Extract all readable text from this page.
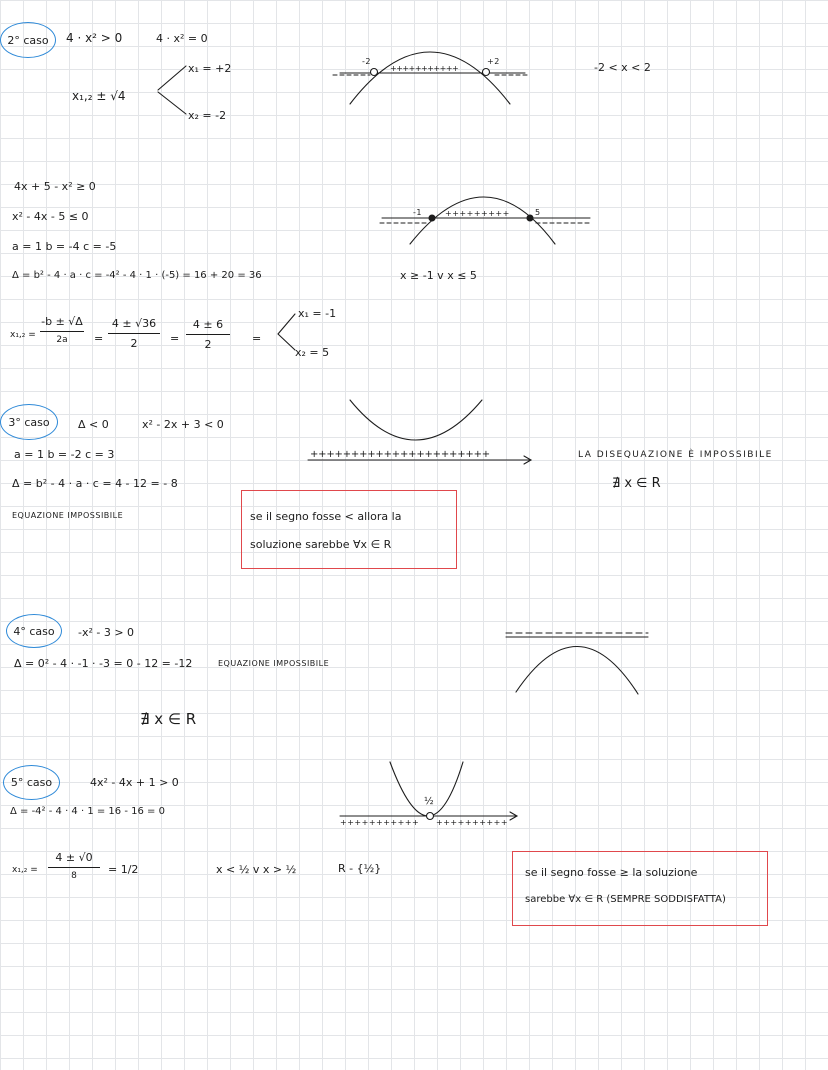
2° caso 4 · x² > 0	4 · x² = 0
x₁,₂ ± √4
x₁ = +2
x₂ = -2
-2	+2
+++++++++++	-2 < x < 2
4x + 5 - x² ≥ 0
x² - 4x - 5 ≤ 0
a = 1 b = -4 c = -5
Δ = b² - 4 · a · c = -4² - 4 · 1 · (-5) = 16 + 20 = 36
x₁,₂ =
-b ± √Δ
2a	=
4 ± √36
2	=
4 ± 6
2	=
x₁ = -1
x₂ = 5
-1	5
+++++++++
x ≥ -1 v x ≤ 5
3° caso	Δ < 0	x² - 2x + 3 < 0
a = 1 b = -2 c = 3
Δ = b² - 4 · a · c = 4 - 12 = - 8
EQUAZIONE IMPOSSIBILE
++++++++++++++++++++++	LA DISEQUAZIONE È IMPOSSIBILE
∄ x ∈ R
se il segno fosse < allora la
soluzione sarebbe ∀x ∈ R
4° caso -x² - 3 > 0
Δ = 0² - 4 · -1 · -3 = 0 - 12 = -12	EQUAZIONE IMPOSSIBILE
∄ x ∈ R
5° caso	4x² - 4x + 1 > 0
Δ = -4² - 4 · 4 · 1 = 16 - 16 = 0
x₁,₂ =
4 ± √0
8	= 1/2	x < ½ v x > ½	R - {½}
½
+++++++++++ ++++++++++
se il segno fosse ≥ la soluzione
sarebbe ∀x ∈ R (SEMPRE SODDISFATTA)
